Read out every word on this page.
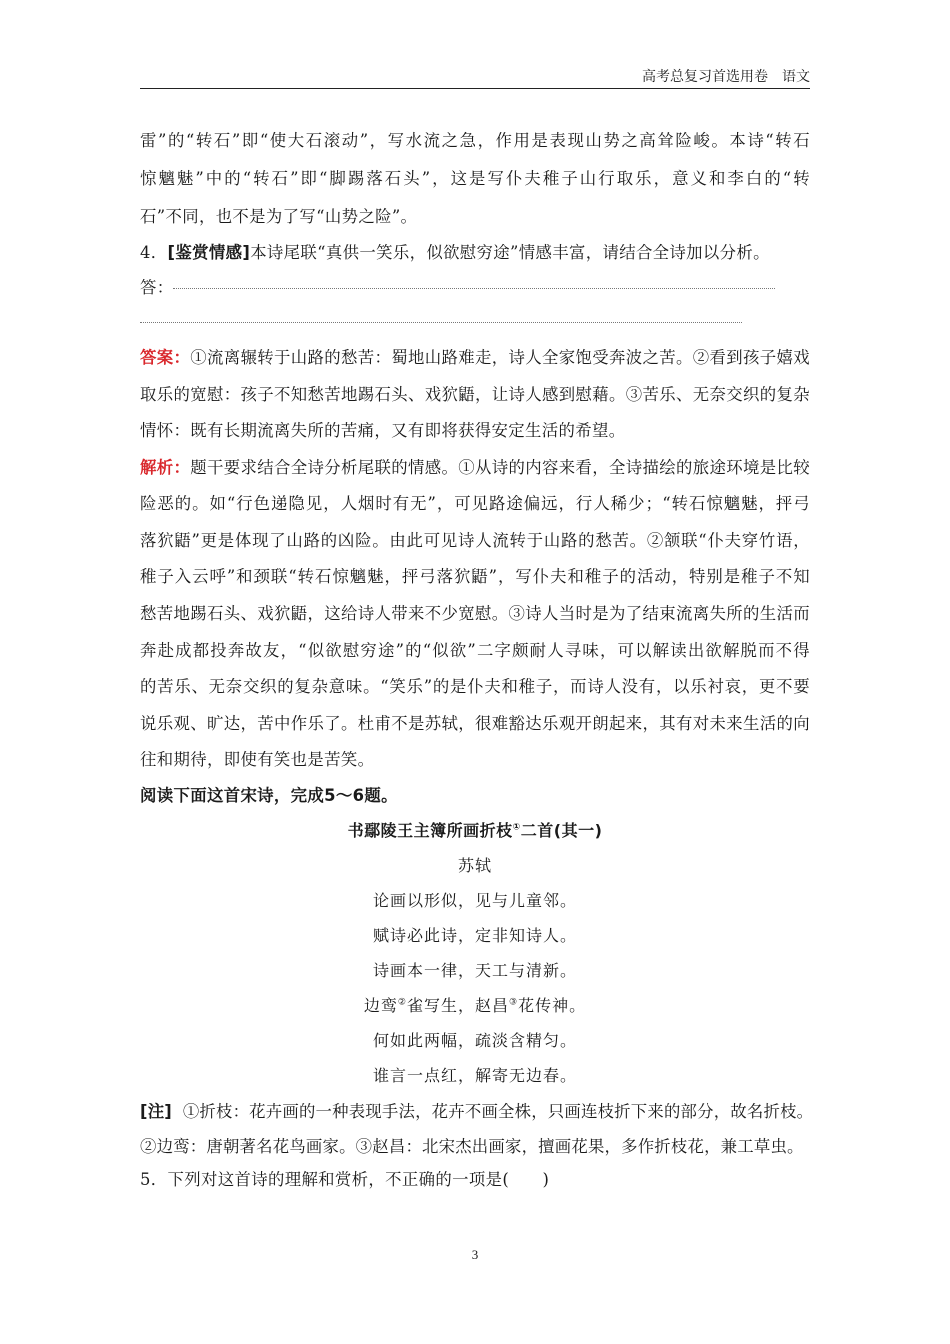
高考总复习首选用卷 语文
雷”的“转石”即“使大石滚动”，写水流之急，作用是表现山势之高耸险峻。本诗“转石
惊魑魅”中的“转石”即“脚踢落石头”，这是写仆夫稚子山行取乐，意义和李白的“转
石”不同，也不是为了写“山势之险”。
4．[鉴赏情感]本诗尾联“真供一笑乐，似欲慰穷途”情感丰富，请结合全诗加以分析。
答：
答案：①流离辗转于山路的愁苦：蜀地山路难走，诗人全家饱受奔波之苦。②看到孩子嬉戏
取乐的宽慰：孩子不知愁苦地踢石头、戏狖鼯，让诗人感到慰藉。③苦乐、无奈交织的复杂
情怀：既有长期流离失所的苦痛，又有即将获得安定生活的希望。
解析：题干要求结合全诗分析尾联的情感。①从诗的内容来看，全诗描绘的旅途环境是比较
险恶的。如“行色递隐见，人烟时有无”，可见路途偏远，行人稀少；“转石惊魑魅，抨弓
落狖鼯”更是体现了山路的凶险。由此可见诗人流转于山路的愁苦。②颔联“仆夫穿竹语，
稚子入云呼”和颈联“转石惊魑魅，抨弓落狖鼯”，写仆夫和稚子的活动，特别是稚子不知
愁苦地踢石头、戏狖鼯，这给诗人带来不少宽慰。③诗人当时是为了结束流离失所的生活而
奔赴成都投奔故友，“似欲慰穷途”的“似欲”二字颇耐人寻味，可以解读出欲解脱而不得
的苦乐、无奈交织的复杂意味。“笑乐”的是仆夫和稚子，而诗人没有，以乐衬哀，更不要
说乐观、旷达，苦中作乐了。杜甫不是苏轼，很难豁达乐观开朗起来，其有对未来生活的向
往和期待，即使有笑也是苦笑。
阅读下面这首宋诗，完成5～6题。
书鄢陵王主簿所画折枝①二首(其一)
苏轼
论画以形似，见与儿童邻。
赋诗必此诗，定非知诗人。
诗画本一律，天工与清新。
边鸾②雀写生，赵昌③花传神。
何如此两幅，疏淡含精匀。
谁言一点红，解寄无边春。
[注] ①折枝：花卉画的一种表现手法，花卉不画全株，只画连枝折下来的部分，故名折枝。
②边鸾：唐朝著名花鸟画家。③赵昌：北宋杰出画家，擅画花果，多作折枝花，兼工草虫。
5．下列对这首诗的理解和赏析，不正确的一项是(　　)
3
